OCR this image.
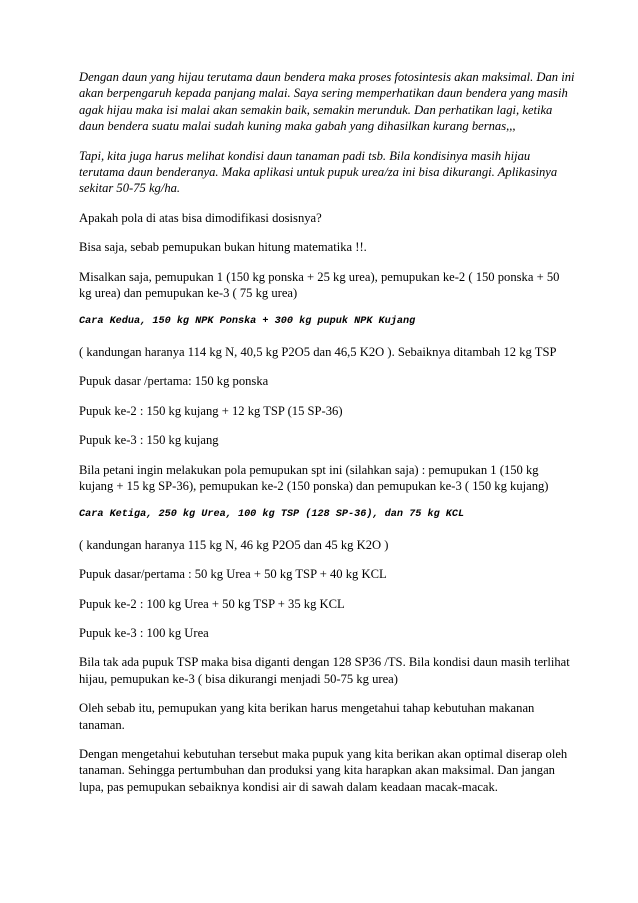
Dengan daun yang hijau terutama daun bendera maka proses fotosintesis akan maksimal. Dan ini akan berpengaruh kepada panjang malai. Saya sering memperhatikan daun bendera yang masih agak hijau maka isi malai akan semakin baik, semakin merunduk. Dan perhatikan lagi, ketika daun bendera suatu malai sudah kuning maka gabah yang dihasilkan kurang bernas,,,

Tapi, kita juga harus melihat kondisi daun tanaman padi tsb. Bila kondisinya masih hijau terutama daun benderanya. Maka aplikasi untuk pupuk urea/za ini bisa dikurangi. Aplikasinya sekitar 50-75 kg/ha.

Apakah pola di atas bisa dimodifikasi dosisnya?

Bisa saja, sebab pemupukan bukan hitung matematika !!.

Misalkan saja, pemupukan 1 (150 kg ponska + 25 kg urea), pemupukan ke-2 ( 150 ponska + 50 kg urea) dan pemupukan ke-3 ( 75 kg urea)

Cara Kedua, 150 kg NPK Ponska + 300 kg pupuk NPK Kujang

( kandungan haranya 114 kg N, 40,5 kg P2O5 dan 46,5 K2O ). Sebaiknya ditambah 12 kg TSP

Pupuk dasar /pertama: 150 kg ponska

Pupuk ke-2 : 150 kg kujang + 12 kg TSP (15 SP-36)

Pupuk ke-3 : 150 kg kujang

Bila petani ingin melakukan pola pemupukan spt ini (silahkan saja) : pemupukan 1 (150 kg kujang + 15 kg SP-36), pemupukan ke-2 (150 ponska) dan pemupukan ke-3 ( 150 kg kujang)

Cara Ketiga, 250 kg Urea, 100 kg TSP (128 SP-36), dan 75 kg KCL

( kandungan haranya 115 kg N, 46 kg P2O5 dan 45 kg K2O )

Pupuk dasar/pertama : 50 kg Urea + 50 kg TSP + 40 kg KCL

Pupuk ke-2 : 100 kg Urea + 50 kg TSP + 35 kg KCL

Pupuk ke-3 : 100 kg Urea

Bila tak ada pupuk TSP maka bisa diganti dengan 128 SP36 /TS. Bila kondisi daun masih terlihat hijau, pemupukan ke-3 ( bisa dikurangi menjadi 50-75 kg urea)

Oleh sebab itu, pemupukan yang kita berikan harus mengetahui tahap kebutuhan makanan tanaman.

Dengan mengetahui kebutuhan tersebut maka pupuk yang kita berikan akan optimal diserap oleh tanaman. Sehingga pertumbuhan dan produksi yang kita harapkan akan maksimal. Dan jangan lupa, pas pemupukan sebaiknya kondisi air di sawah dalam keadaan macak-macak.
